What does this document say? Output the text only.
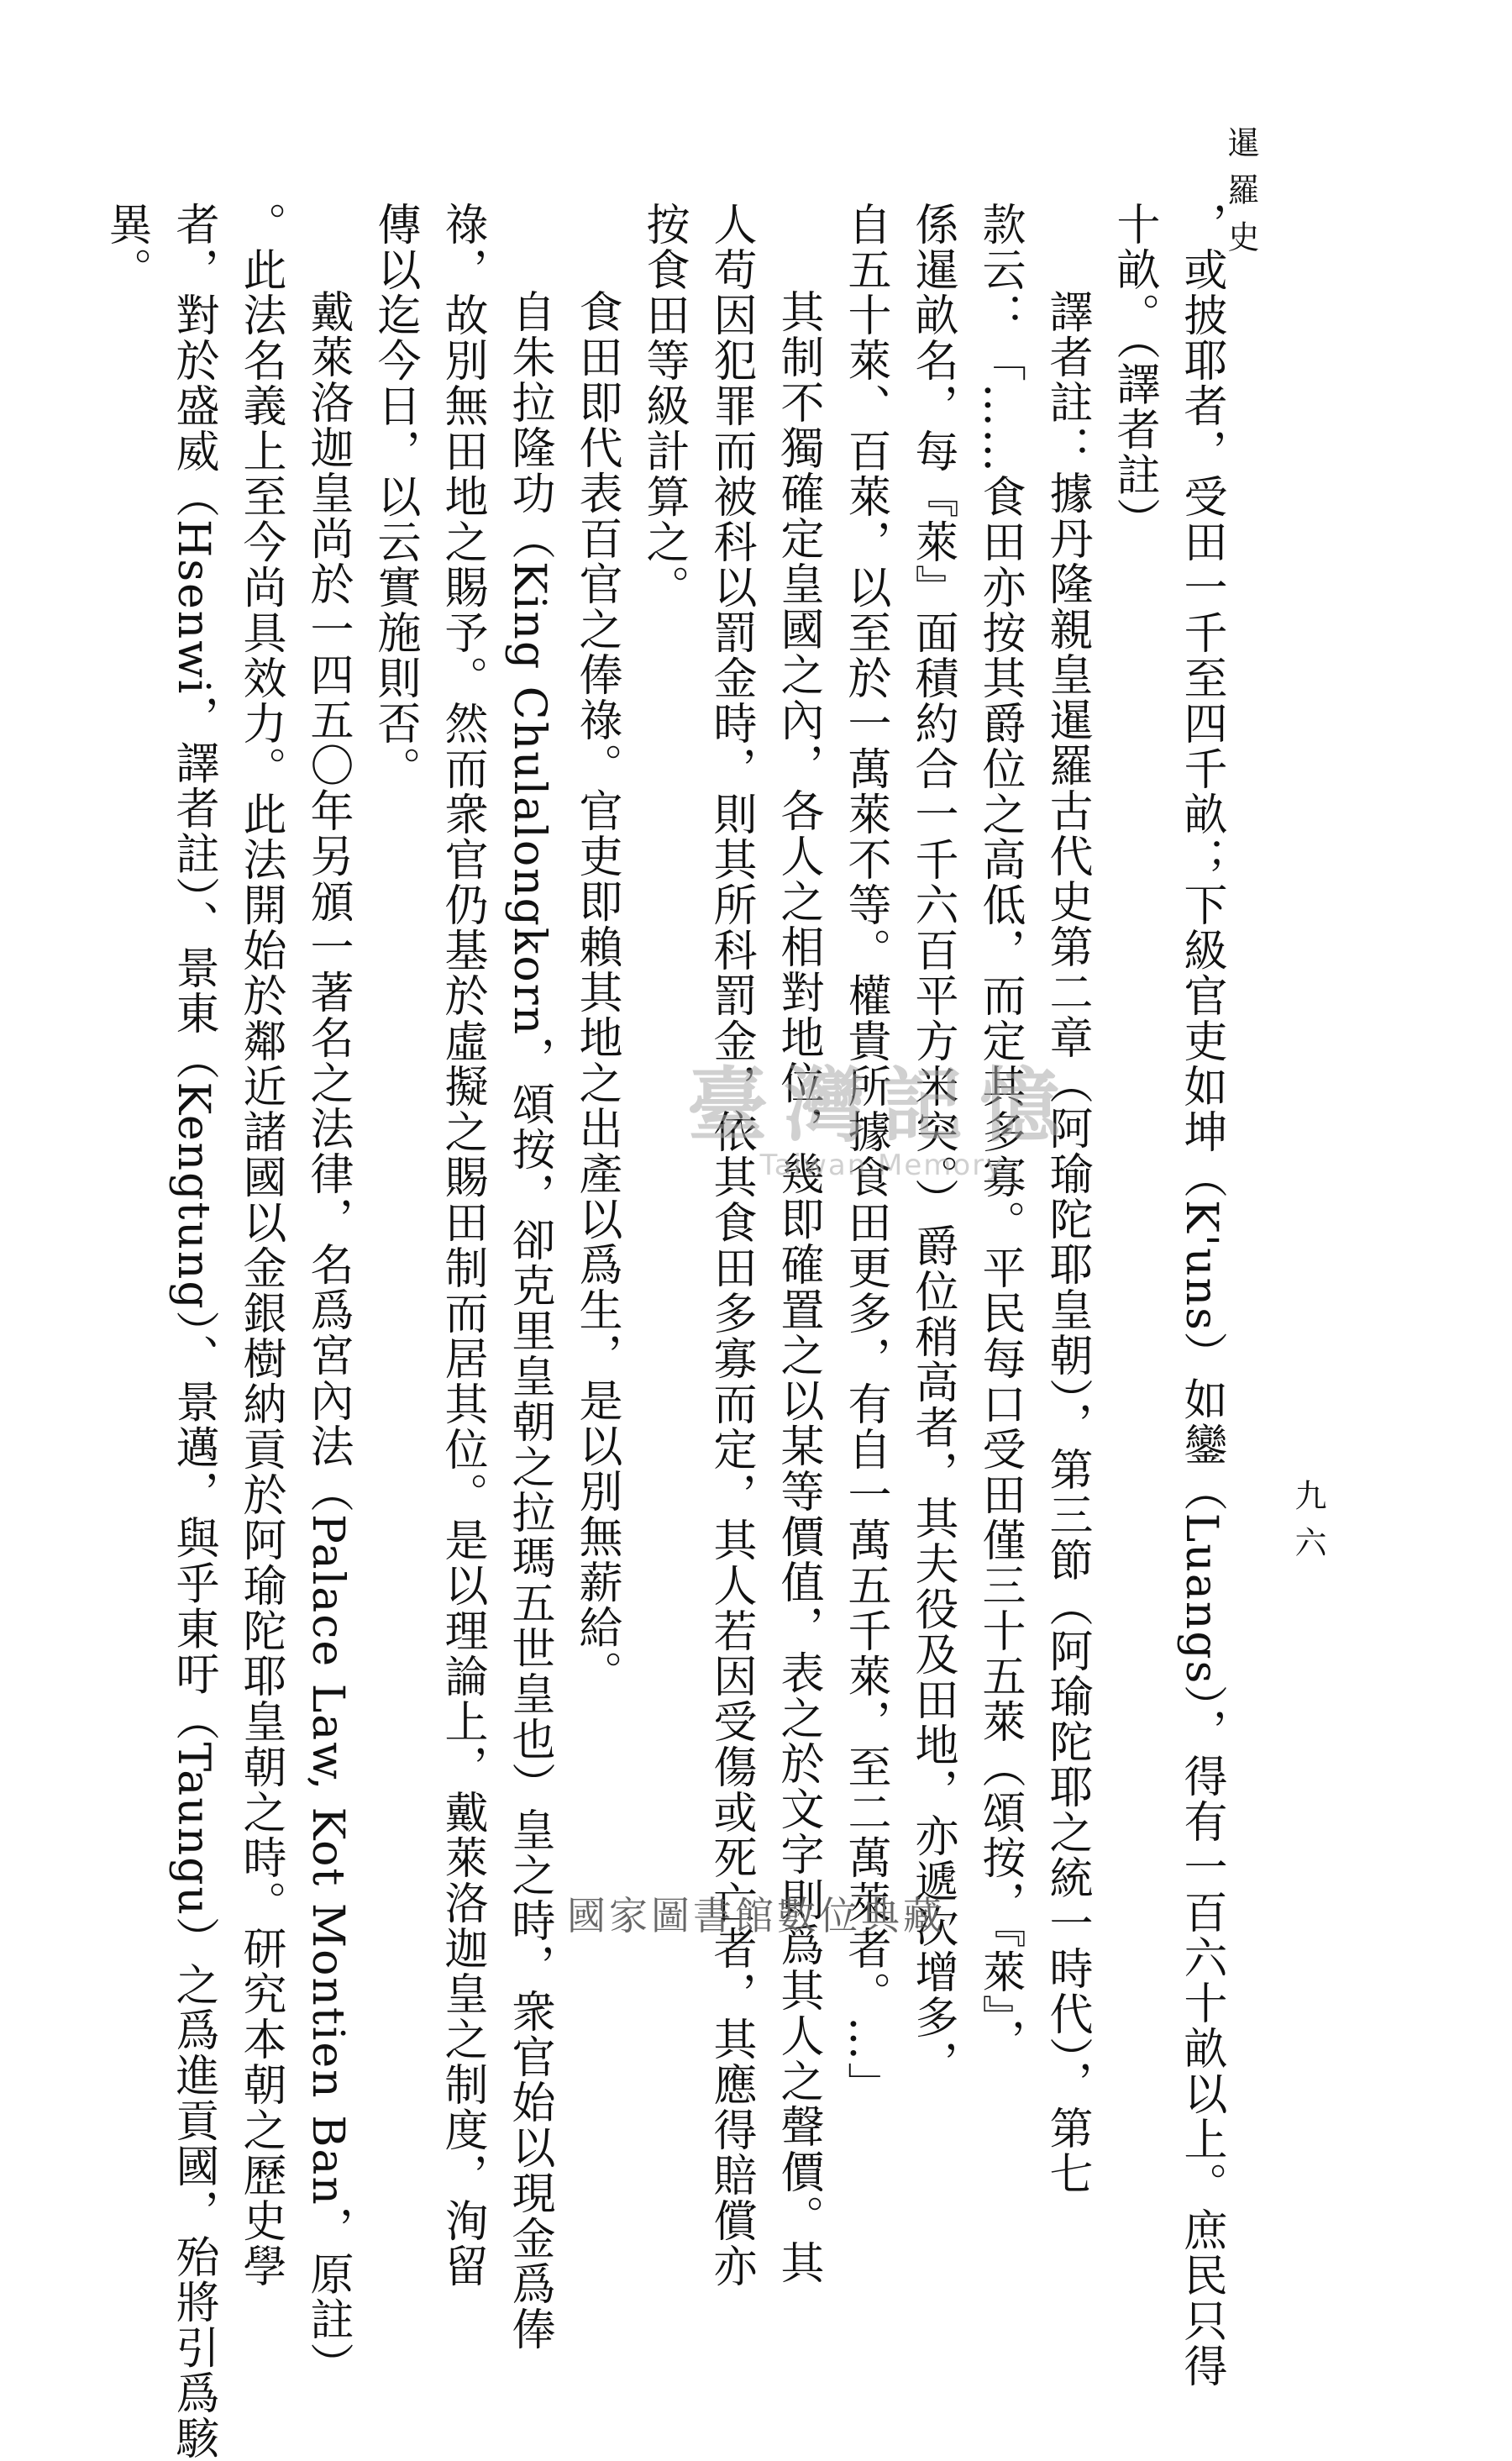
暹羅史
九六
，或披耶者，受田一千至四千畝；下級官吏如坤（K'uns）如鑾（Luangs），得有一百六十畝以上。庶民只得
十畝。（譯者註）
譯者註：據丹隆親皇暹羅古代史第二章（阿瑜陀耶皇朝），第三節（阿瑜陀耶之統一時代），第七
款云：「……食田亦按其爵位之高低，而定其多寡。平民每口受田僅三十五萊（頌按，『萊』，
係暹畝名，每『萊』面積約合一千六百平方米突。）爵位稍高者，其夫役及田地，亦遞次增多，
自五十萊、百萊，以至於一萬萊不等。權貴所據食田更多，有自一萬五千萊，至二萬萊者。…」
其制不獨確定皇國之內，各人之相對地位，幾即確置之以某等價值，表之於文字則爲其人之聲價。其
人苟因犯罪而被科以罰金時，則其所科罰金，依其食田多寡而定，其人若因受傷或死亡者，其應得賠償亦
按食田等級計算之。
食田即代表百官之俸祿。官吏即賴其地之出產以爲生，是以別無薪給。
自朱拉隆功（King Chulalongkorn，頌按，卻克里皇朝之拉瑪五世皇也）皇之時，衆官始以現金爲俸
祿，故別無田地之賜予。然而衆官仍基於虛擬之賜田制而居其位。是以理論上，戴萊洛迦皇之制度，洵留
傳以迄今日，以云實施則否。
戴萊洛迦皇尚於一四五〇年另頒一著名之法律，名爲宮內法（Palace Law, Kot Montien Ban，原註）
。此法名義上至今尚具效力。此法開始於鄰近諸國以金銀樹納貢於阿瑜陀耶皇朝之時。研究本朝之歷史學
者，對於盛威（Hsenwi，譯者註）、景東（Kengtung）、景邁，與乎東吁（Taungu）之爲進貢國，殆將引爲駭
異。
臺灣記憶
Taiwan Memory
國家圖書館數位典藏
